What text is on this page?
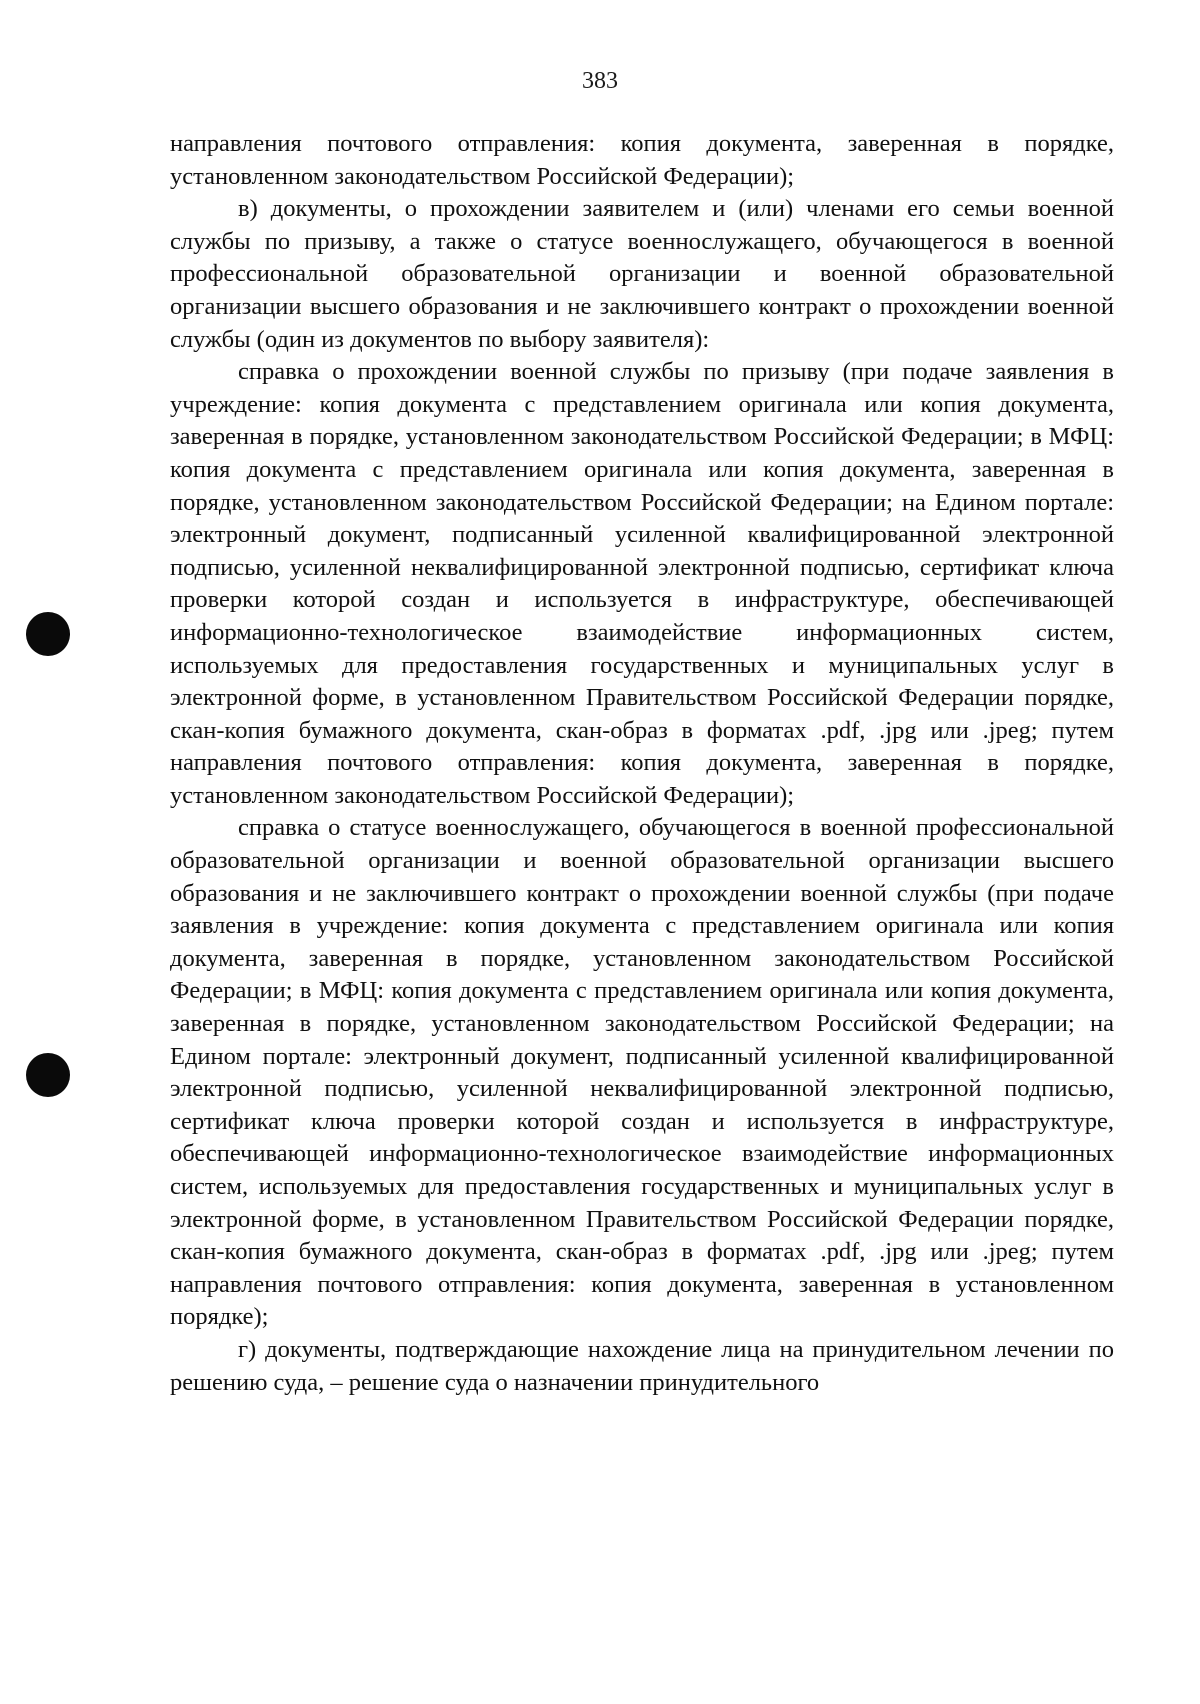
383

направления почтового отправления: копия документа, заверенная в порядке, установленном законодательством Российской Федерации);

в) документы, о прохождении заявителем и (или) членами его семьи военной службы по призыву, а также о статусе военнослужащего, обучающегося в военной профессиональной образовательной организации и военной образовательной организации высшего образования и не заключившего контракт о прохождении военной службы (один из документов по выбору заявителя):

справка о прохождении военной службы по призыву (при подаче заявления в учреждение: копия документа с представлением оригинала или копия документа, заверенная в порядке, установленном законодательством Российской Федерации; в МФЦ: копия документа с представлением оригинала или копия документа, заверенная в порядке, установленном законодательством Российской Федерации; на Едином портале: электронный документ, подписанный усиленной квалифицированной электронной подписью, усиленной неквалифицированной электронной подписью, сертификат ключа проверки которой создан и используется в инфраструктуре, обеспечивающей информационно-технологическое взаимодействие информационных систем, используемых для предоставления государственных и муниципальных услуг в электронной форме, в установленном Правительством Российской Федерации порядке, скан-копия бумажного документа, скан-образ в форматах .pdf, .jpg или .jpeg; путем направления почтового отправления: копия документа, заверенная в порядке, установленном законодательством Российской Федерации);

справка о статусе военнослужащего, обучающегося в военной профессиональной образовательной организации и военной образовательной организации высшего образования и не заключившего контракт о прохождении военной службы (при подаче заявления в учреждение: копия документа с представлением оригинала или копия документа, заверенная в порядке, установленном законодательством Российской Федерации; в МФЦ: копия документа с представлением оригинала или копия документа, заверенная в порядке, установленном законодательством Российской Федерации; на Едином портале: электронный документ, подписанный усиленной квалифицированной электронной подписью, усиленной неквалифицированной электронной подписью, сертификат ключа проверки которой создан и используется в инфраструктуре, обеспечивающей информационно-технологическое взаимодействие информационных систем, используемых для предоставления государственных и муниципальных услуг в электронной форме, в установленном Правительством Российской Федерации порядке, скан-копия бумажного документа, скан-образ в форматах .pdf, .jpg или .jpeg; путем направления почтового отправления: копия документа, заверенная в установленном порядке);

г) документы, подтверждающие нахождение лица на принудительном лечении по решению суда, – решение суда о назначении принудительного
